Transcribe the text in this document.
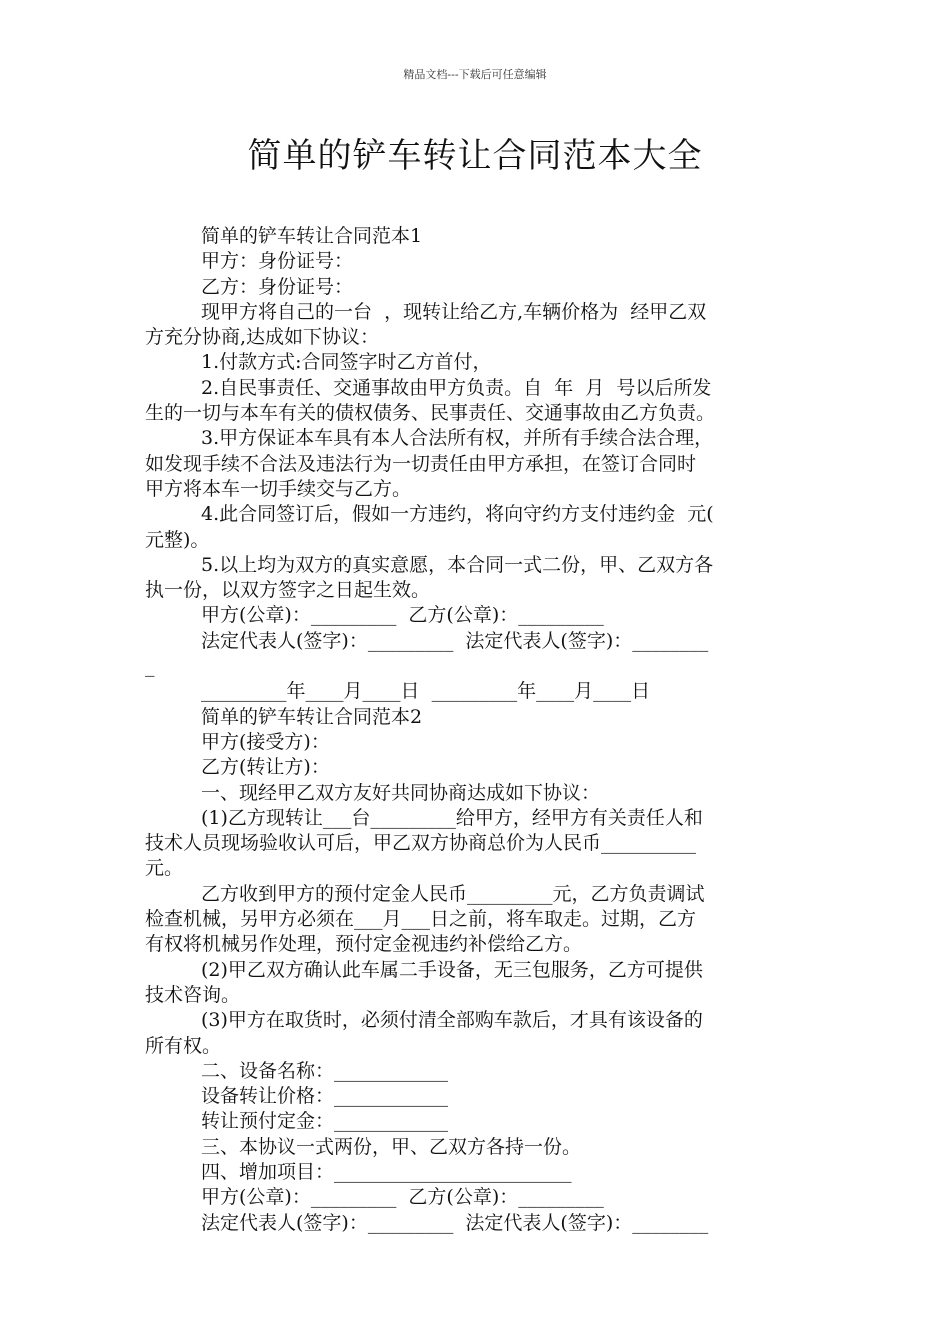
精品文档---下载后可任意编辑
简单的铲车转让合同范本大全
简单的铲车转让合同范本1
甲方：身份证号：
乙方：身份证号：
现甲方将自己的一台  ，现转让给乙方,车辆价格为  经甲乙双
方充分协商,达成如下协议：
1.付款方式:合同签字时乙方首付，
2.自民事责任、交通事故由甲方负责。自  年  月  号以后所发
生的一切与本车有关的债权债务、民事责任、交通事故由乙方负责。
3.甲方保证本车具有本人合法所有权，并所有手续合法合理，
如发现手续不合法及违法行为一切责任由甲方承担，在签订合同时
甲方将本车一切手续交与乙方。
4.此合同签订后，假如一方违约，将向守约方支付违约金  元(
元整)。
5.以上均为双方的真实意愿，本合同一式二份，甲、乙双方各
执一份，以双方签字之日起生效。
甲方(公章)：_________  乙方(公章)：_________
法定代表人(签字)：_________  法定代表人(签字)：________
_
_________年____月____日  _________年____月____日
简单的铲车转让合同范本2
甲方(接受方)：
乙方(转让方)：
一、现经甲乙双方友好共同协商达成如下协议：
(1)乙方现转让___台_________给甲方，经甲方有关责任人和
技术人员现场验收认可后，甲乙双方协商总价为人民币__________
元。
乙方收到甲方的预付定金人民币_________元，乙方负责调试
检查机械，另甲方必须在___月___日之前，将车取走。过期，乙方
有权将机械另作处理，预付定金视违约补偿给乙方。
(2)甲乙双方确认此车属二手设备，无三包服务，乙方可提供
技术咨询。
(3)甲方在取货时，必须付清全部购车款后，才具有该设备的
所有权。
二、设备名称：____________
设备转让价格：____________
转让预付定金：____________
三、本协议一式两份，甲、乙双方各持一份。
四、增加项目：_________________________
甲方(公章)：_________  乙方(公章)：_________
法定代表人(签字)：_________  法定代表人(签字)：________
